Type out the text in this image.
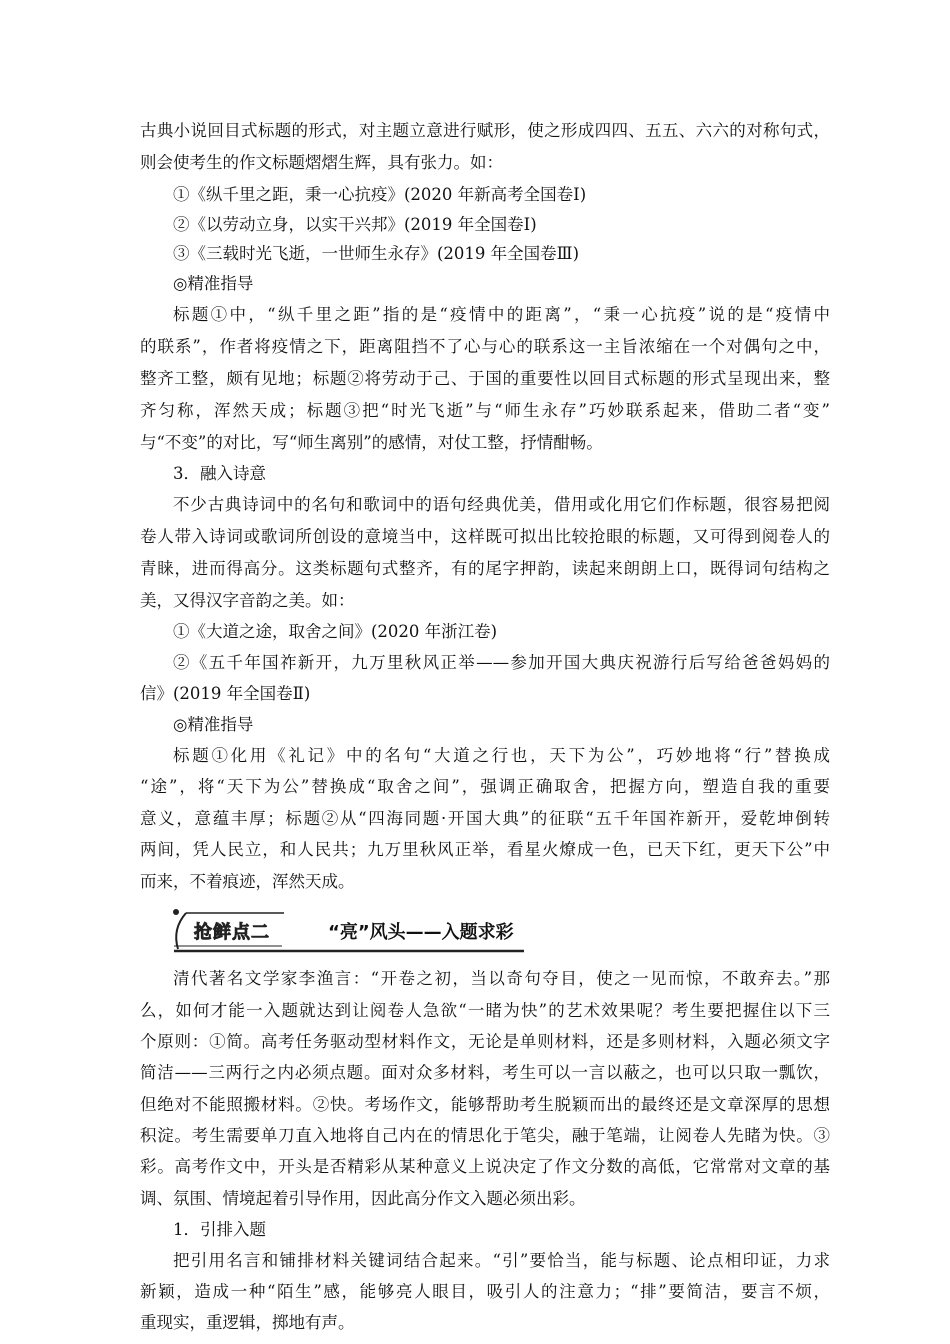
古典小说回目式标题的形式，对主题立意进行赋形，使之形成四四、五五、六六的对称句式，
则会使考生的作文标题熠熠生辉，具有张力。如：
①《纵千里之距，秉一心抗疫》(2020 年新高考全国卷Ⅰ)
②《以劳动立身，以实干兴邦》(2019 年全国卷Ⅰ)
③《三载时光飞逝，一世师生永存》(2019 年全国卷Ⅲ)
◎精准指导
标题①中，“纵千里之距”指的是“疫情中的距离”，“秉一心抗疫”说的是“疫情中
的联系”，作者将疫情之下，距离阻挡不了心与心的联系这一主旨浓缩在一个对偶句之中，
整齐工整，颇有见地；标题②将劳动于己、于国的重要性以回目式标题的形式呈现出来，整
齐匀称，浑然天成；标题③把“时光飞逝”与“师生永存”巧妙联系起来，借助二者“变”
与“不变”的对比，写“师生离别”的感情，对仗工整，抒情酣畅。
3．融入诗意
不少古典诗词中的名句和歌词中的语句经典优美，借用或化用它们作标题，很容易把阅
卷人带入诗词或歌词所创设的意境当中，这样既可拟出比较抢眼的标题，又可得到阅卷人的
青睐，进而得高分。这类标题句式整齐，有的尾字押韵，读起来朗朗上口，既得词句结构之
美，又得汉字音韵之美。如：
①《大道之途，取舍之间》(2020 年浙江卷)
②《五千年国祚新开，九万里秋风正举——参加开国大典庆祝游行后写给爸爸妈妈的
信》(2019 年全国卷Ⅱ)
◎精准指导
标题①化用《礼记》中的名句“大道之行也，天下为公”，巧妙地将“行”替换成
“途”，将“天下为公”替换成“取舍之间”，强调正确取舍，把握方向，塑造自我的重要
意义，意蕴丰厚；标题②从“四海同题·开国大典”的征联“五千年国祚新开，爱乾坤倒转
两间，凭人民立，和人民共；九万里秋风正举，看星火燎成一色，已天下红，更天下公”中
而来，不着痕迹，浑然天成。
抢鲜点二	“亮”风头——入题求彩
清代著名文学家李渔言：“开卷之初，当以奇句夺目，使之一见而惊，不敢弃去。”那
么，如何才能一入题就达到让阅卷人急欲“一睹为快”的艺术效果呢？考生要把握住以下三
个原则：①简。高考任务驱动型材料作文，无论是单则材料，还是多则材料，入题必须文字
简洁——三两行之内必须点题。面对众多材料，考生可以一言以蔽之，也可以只取一瓢饮，
但绝对不能照搬材料。②快。考场作文，能够帮助考生脱颖而出的最终还是文章深厚的思想
积淀。考生需要单刀直入地将自己内在的情思化于笔尖，融于笔端，让阅卷人先睹为快。③
彩。高考作文中，开头是否精彩从某种意义上说决定了作文分数的高低，它常常对文章的基
调、氛围、情境起着引导作用，因此高分作文入题必须出彩。
1．引排入题
把引用名言和铺排材料关键词结合起来。“引”要恰当，能与标题、论点相印证，力求
新颖，造成一种“陌生”感，能够亮人眼目，吸引人的注意力；“排”要简洁，要言不烦，
重现实，重逻辑，掷地有声。
